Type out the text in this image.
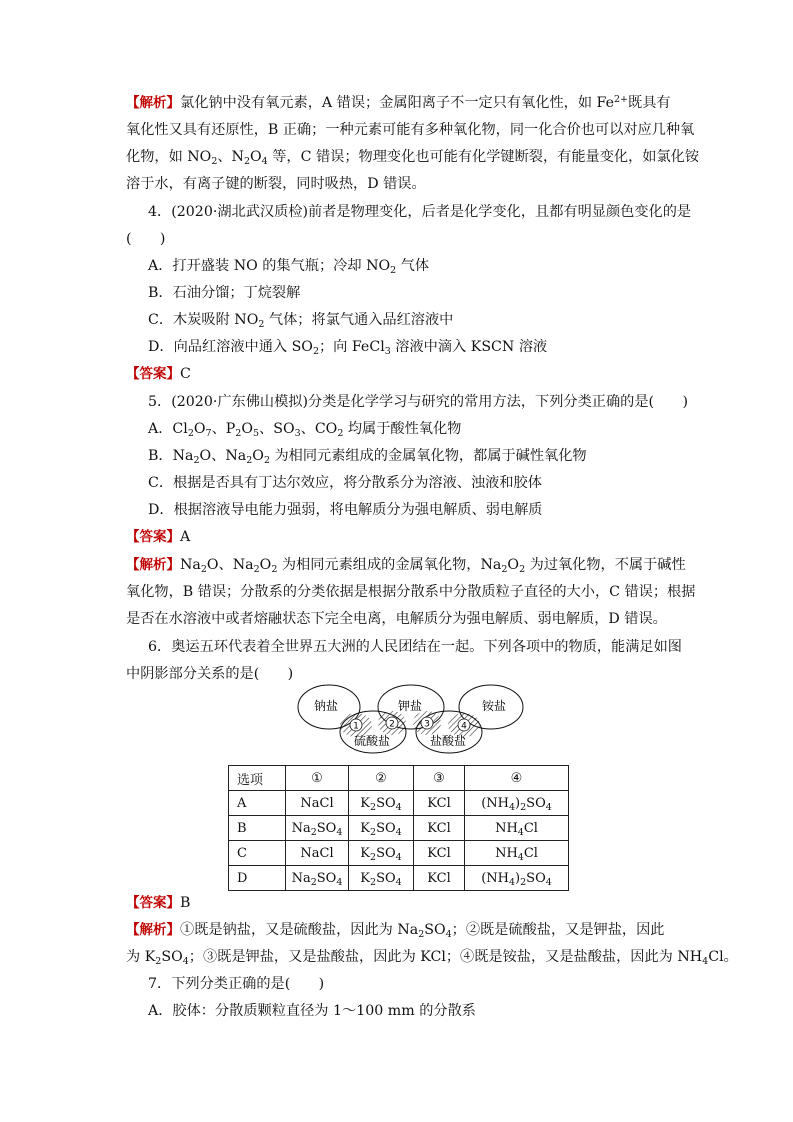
【解析】氯化钠中没有氧元素，A 错误；金属阳离子不一定只有氧化性，如 $Fe^{2+}$既具有
氧化性又具有还原性，B 正确；一种元素可能有多种氧化物，同一化合价也可以对应几种氧
化物，如 $NO_2$、$N_2O_4$ 等，C 错误；物理变化也可能有化学键断裂，有能量变化，如氯化铵
溶于水，有离子键的断裂，同时吸热，D 错误。
4．(2020·湖北武汉质检)前者是物理变化，后者是化学变化，且都有明显颜色变化的是
(　　)
A．打开盛装 NO 的集气瓶；冷却 $NO_2$ 气体
B．石油分馏；丁烷裂解
C．木炭吸附 $NO_2$ 气体；将氯气通入品红溶液中
D．向品红溶液中通入 $SO_2$；向 FeCl$_3$ 溶液中滴入 KSCN 溶液
【答案】C
5．(2020·广东佛山模拟)分类是化学学习与研究的常用方法，下列分类正确的是(　　)
A．$Cl_2O_7$、$P_2O_5$、$SO_3$、$CO_2$ 均属于酸性氧化物
B．$Na_2O$、$Na_2O_2$ 为相同元素组成的金属氧化物，都属于碱性氧化物
C．根据是否具有丁达尔效应，将分散系分为溶液、浊液和胶体
D．根据溶液导电能力强弱，将电解质分为强电解质、弱电解质
【答案】A
【解析】$Na_2O$、$Na_2O_2$ 为相同元素组成的金属氧化物，$Na_2O_2$ 为过氧化物，不属于碱性
氧化物，B 错误；分散系的分类依据是根据分散系中分散质粒子直径的大小，C 错误；根据
是否在水溶液中或者熔融状态下完全电离，电解质分为强电解质、弱电解质，D 错误。
6．奥运五环代表着全世界五大洲的人民团结在一起。下列各项中的物质，能满足如图
中阴影部分关系的是(　　)
钠盐	钾盐	铵盐
硫酸盐	盐酸盐
1	2	3	4
选项	①	②	③	④
A	NaCl	$K_2SO_4$	KCl	$(NH_4)_2SO_4$
B	$Na_2SO_4$	$K_2SO_4$	KCl	$NH_4Cl$
C	NaCl	$K_2SO_4$	KCl	$NH_4Cl$
D	$Na_2SO_4$	$K_2SO_4$	KCl	$(NH_4)_2SO_4$
【答案】B
【解析】①既是钠盐，又是硫酸盐，因此为 $Na_2SO_4$；②既是硫酸盐，又是钾盐，因此
为 $K_2SO_4$；③既是钾盐，又是盐酸盐，因此为 KCl；④既是铵盐，又是盐酸盐，因此为 $NH_4Cl$。
7．下列分类正确的是(　　)
A．胶体：分散质颗粒直径为 1～100 mm 的分散系
